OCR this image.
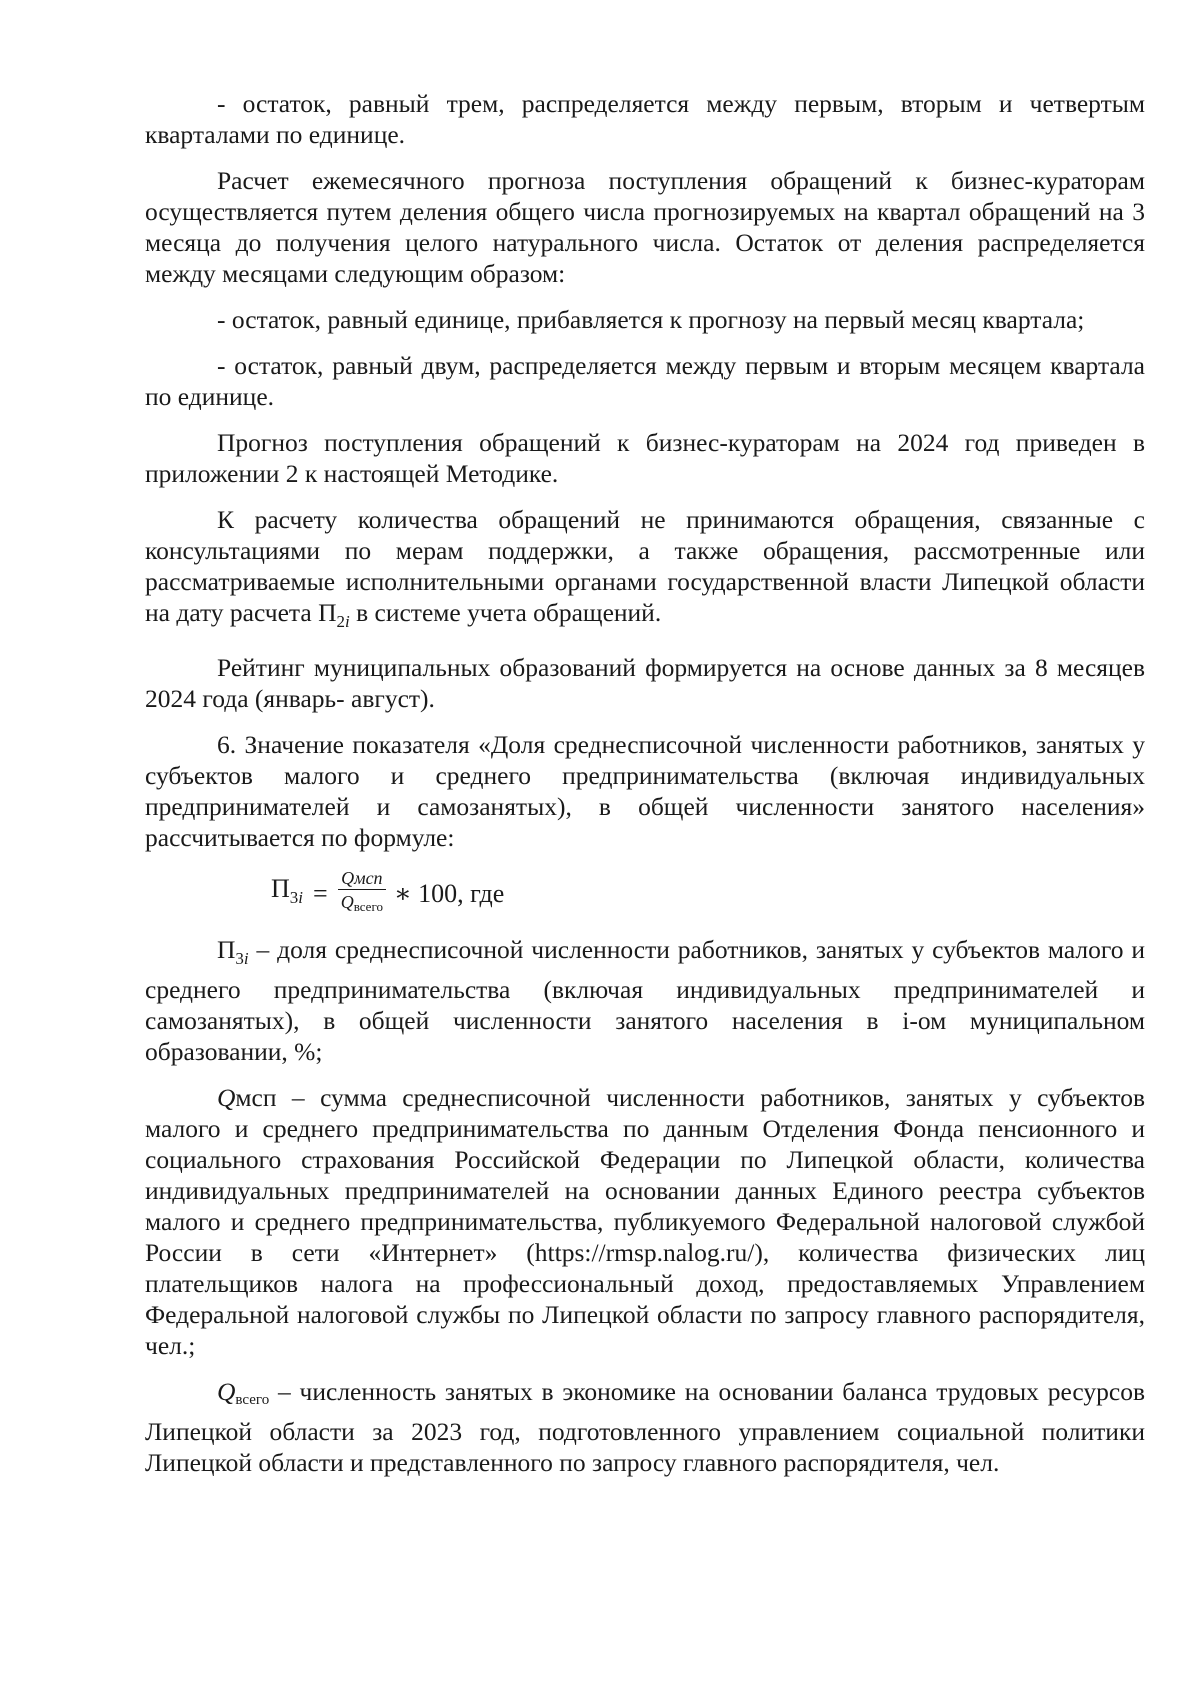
- остаток, равный трем, распределяется между первым, вторым и четвертым кварталами по единице.

Расчет ежемесячного прогноза поступления обращений к бизнес-кураторам осуществляется путем деления общего числа прогнозируемых на квартал обращений на 3 месяца до получения целого натурального числа. Остаток от деления распределяется между месяцами следующим образом:

- остаток, равный единице, прибавляется к прогнозу на первый месяц квартала;

- остаток, равный двум, распределяется между первым и вторым месяцем квартала по единице.

Прогноз поступления обращений к бизнес-кураторам на 2024 год приведен в приложении 2 к настоящей Методике.

К расчету количества обращений не принимаются обращения, связанные с консультациями по мерам поддержки, а также обращения, рассмотренные или рассматриваемые исполнительными органами государственной власти Липецкой области на дату расчета $П_{2i}$ в системе учета обращений.

Рейтинг муниципальных образований формируется на основе данных за 8 месяцев 2024 года (январь- август).

6. Значение показателя «Доля среднесписочной численности работников, занятых у субъектов малого и среднего предпринимательства (включая индивидуальных предпринимателей и самозанятых), в общей численности занятого населения» рассчитывается по формуле:

$П_{3i} = \frac{\text{Qмсп}}{\text{Qвсего}}$ ∗ 100, где

$П_{3i}$ – доля среднесписочной численности работников, занятых у субъектов малого и среднего предпринимательства (включая индивидуальных предпринимателей и самозанятых), в общей численности занятого населения в i-ом муниципальном образовании, %;

Qмсп – сумма среднесписочной численности работников, занятых у субъектов малого и среднего предпринимательства по данным Отделения Фонда пенсионного и социального страхования Российской Федерации по Липецкой области, количества индивидуальных предпринимателей на основании данных Единого реестра субъектов малого и среднего предпринимательства, публикуемого Федеральной налоговой службой России в сети «Интернет» (https://rmsp.nalog.ru/), количества физических лиц плательщиков налога на профессиональный доход, предоставляемых Управлением Федеральной налоговой службы по Липецкой области по запросу главного распорядителя, чел.;

Qвсего – численность занятых в экономике на основании баланса трудовых ресурсов Липецкой области за 2023 год, подготовленного управлением социальной политики Липецкой области и представленного по запросу главного распорядителя, чел.
